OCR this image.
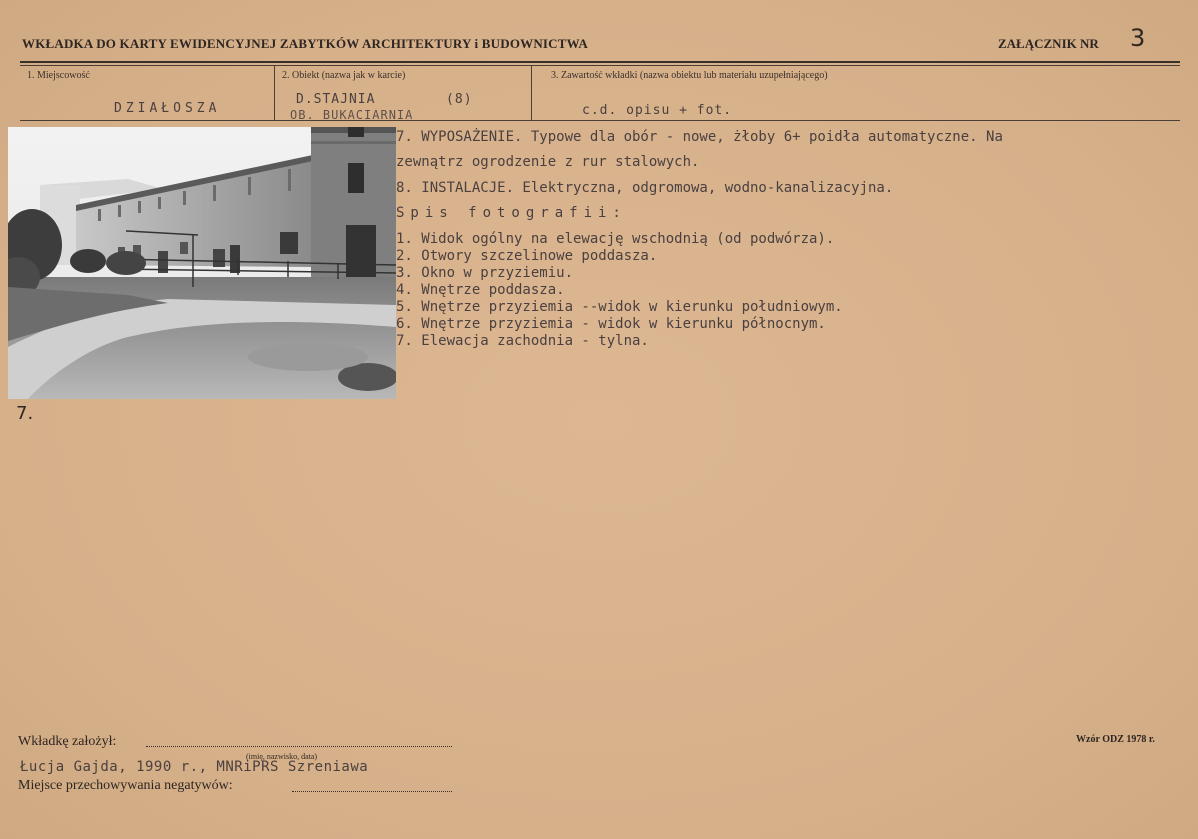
WKŁADKA DO KARTY EWIDENCYJNEJ ZABYTKÓW ARCHITEKTURY i BUDOWNICTWA	ZAŁĄCZNIK NR 3
1. Miejscowość
DZIAŁOSZA
2. Obiekt (nazwa jak w karcie)
D.STAJNIA        (8)
OB. BUKACIARNIA
3. Zawartość wkładki (nazwa obiektu lub materiału uzupełniającego)
c.d. opisu + fot.
7.
7. WYPOSAŻENIE. Typowe dla obór - nowe, żłoby 6+ poidła automatyczne. Na
zewnątrz ogrodzenie z rur stalowych.
8. INSTALACJE. Elektryczna, odgromowa, wodno-kanalizacyjna.
Spis fotografii:
1. Widok ogólny na elewację wschodnią (od podwórza).
2. Otwory szczelinowe poddasza.
3. Okno w przyziemiu.
4. Wnętrze poddasza.
5. Wnętrze przyziemia --widok w kierunku południowym.
6. Wnętrze przyziemia - widok w kierunku północnym.
7. Elewacja zachodnia - tylna.
Wkładkę założył:
(imię, nazwisko, data)
Łucja Gajda, 1990 r., MNRiPRS Szreniawa
Miejsce przechowywania negatywów:
Wzór ODZ 1978 r.
